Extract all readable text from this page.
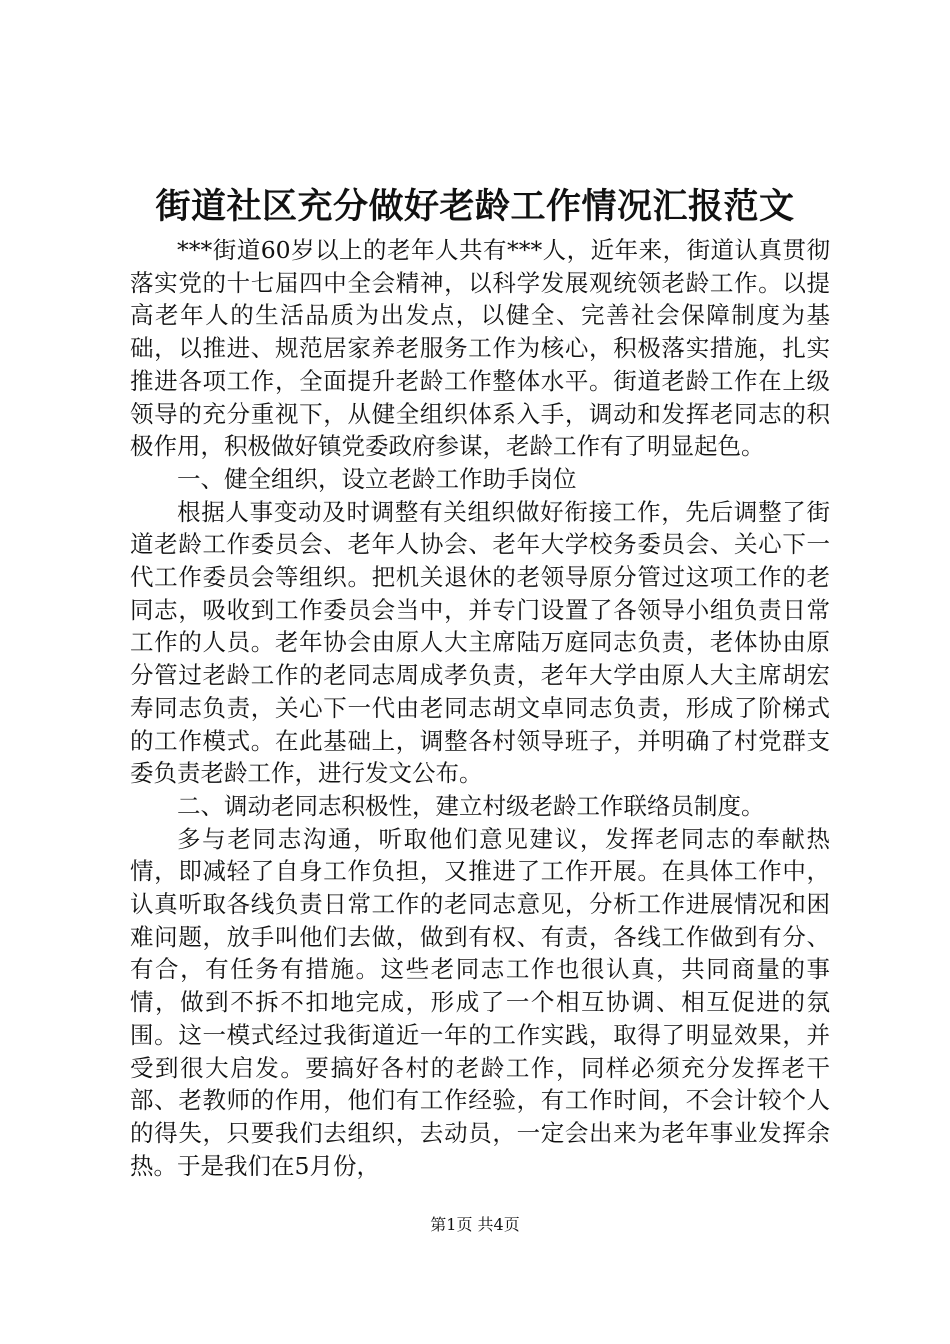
街道社区充分做好老龄工作情况汇报范文

***街道60岁以上的老年人共有***人，近年来，街道认真贯彻落实党的十七届四中全会精神，以科学发展观统领老龄工作。以提高老年人的生活品质为出发点，以健全、完善社会保障制度为基础，以推进、规范居家养老服务工作为核心，积极落实措施，扎实推进各项工作，全面提升老龄工作整体水平。街道老龄工作在上级领导的充分重视下，从健全组织体系入手，调动和发挥老同志的积极作用，积极做好镇党委政府参谋，老龄工作有了明显起色。

一、健全组织，设立老龄工作助手岗位

根据人事变动及时调整有关组织做好衔接工作，先后调整了街道老龄工作委员会、老年人协会、老年大学校务委员会、关心下一代工作委员会等组织。把机关退休的老领导原分管过这项工作的老同志，吸收到工作委员会当中，并专门设置了各领导小组负责日常工作的人员。老年协会由原人大主席陆万庭同志负责，老体协由原分管过老龄工作的老同志周成孝负责，老年大学由原人大主席胡宏寿同志负责，关心下一代由老同志胡文卓同志负责，形成了阶梯式的工作模式。在此基础上，调整各村领导班子，并明确了村党群支委负责老龄工作，进行发文公布。

二、调动老同志积极性，建立村级老龄工作联络员制度。

多与老同志沟通，听取他们意见建议，发挥老同志的奉献热情，即减轻了自身工作负担，又推进了工作开展。在具体工作中，认真听取各线负责日常工作的老同志意见，分析工作进展情况和困难问题，放手叫他们去做，做到有权、有责，各线工作做到有分、有合，有任务有措施。这些老同志工作也很认真，共同商量的事情，做到不拆不扣地完成，形成了一个相互协调、相互促进的氛围。这一模式经过我街道近一年的工作实践，取得了明显效果，并受到很大启发。要搞好各村的老龄工作，同样必须充分发挥老干部、老教师的作用，他们有工作经验，有工作时间，不会计较个人的得失，只要我们去组织，去动员，一定会出来为老年事业发挥余热。于是我们在5月份，

第1页 共4页
